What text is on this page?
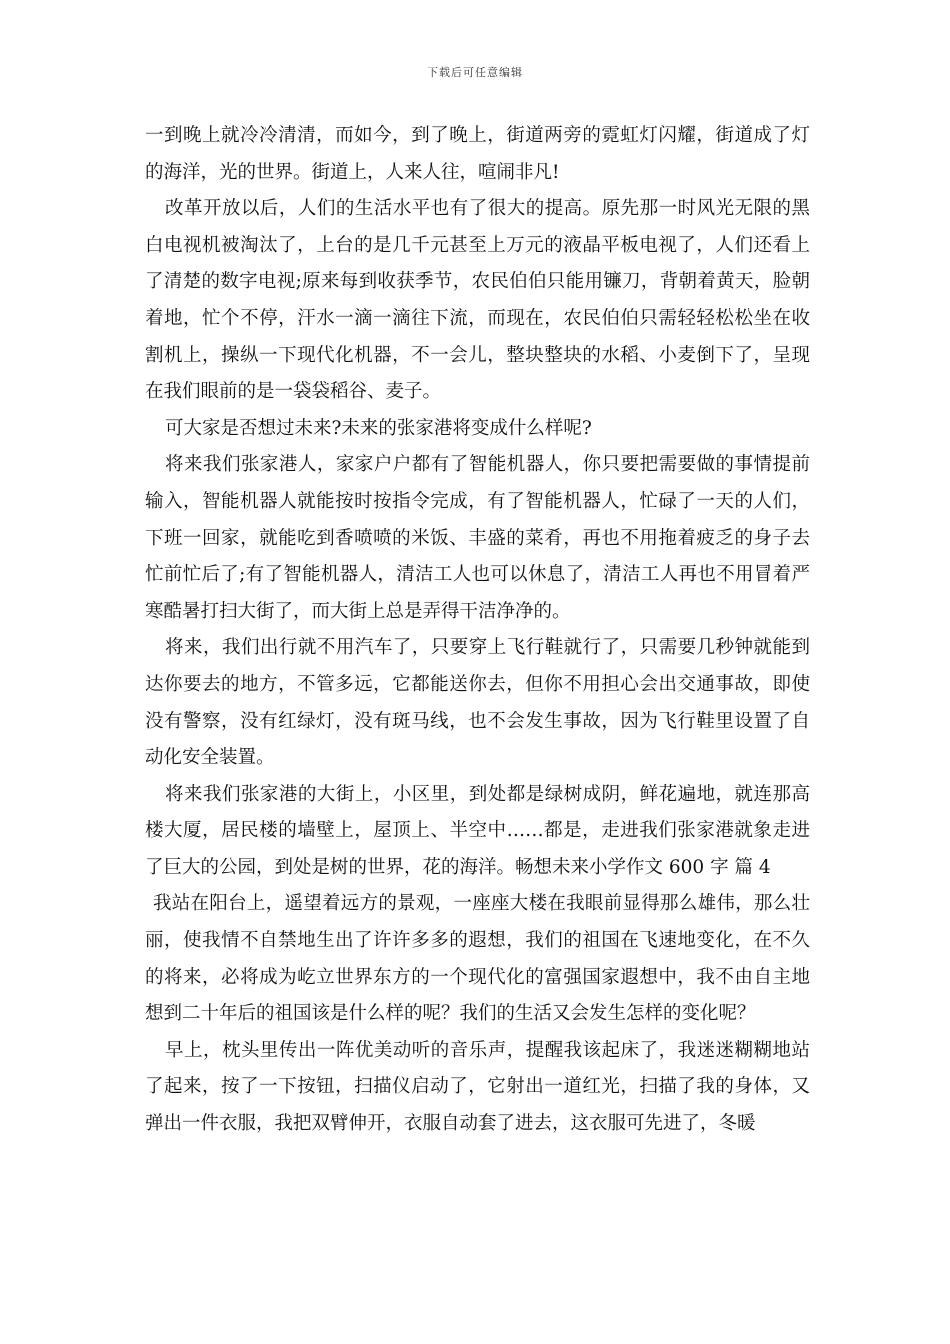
下载后可任意编辑

一到晚上就冷冷清清，而如今，到了晚上，街道两旁的霓虹灯闪耀，街道成了灯的海洋，光的世界。街道上，人来人往，喧闹非凡!

改革开放以后，人们的生活水平也有了很大的提高。原先那一时风光无限的黑白电视机被淘汰了，上台的是几千元甚至上万元的液晶平板电视了，人们还看上了清楚的数字电视;原来每到收获季节，农民伯伯只能用镰刀，背朝着黄天，脸朝着地，忙个不停，汗水一滴一滴往下流，而现在，农民伯伯只需轻轻松松坐在收割机上，操纵一下现代化机器，不一会儿，整块整块的水稻、小麦倒下了，呈现在我们眼前的是一袋袋稻谷、麦子。

可大家是否想过未来?未来的张家港将变成什么样呢?

将来我们张家港人，家家户户都有了智能机器人，你只要把需要做的事情提前输入，智能机器人就能按时按指令完成，有了智能机器人，忙碌了一天的人们，下班一回家，就能吃到香喷喷的米饭、丰盛的菜肴，再也不用拖着疲乏的身子去忙前忙后了;有了智能机器人，清洁工人也可以休息了，清洁工人再也不用冒着严寒酷暑打扫大街了，而大街上总是弄得干洁净净的。

将来，我们出行就不用汽车了，只要穿上飞行鞋就行了，只需要几秒钟就能到达你要去的地方，不管多远，它都能送你去，但你不用担心会出交通事故，即使没有警察，没有红绿灯，没有斑马线，也不会发生事故，因为飞行鞋里设置了自动化安全装置。

将来我们张家港的大街上，小区里，到处都是绿树成阴，鲜花遍地，就连那高楼大厦，居民楼的墙壁上，屋顶上、半空中……都是，走进我们张家港就象走进了巨大的公园，到处是树的世界，花的海洋。畅想未来小学作文 600 字 篇 4

我站在阳台上，遥望着远方的景观，一座座大楼在我眼前显得那么雄伟，那么壮丽，使我情不自禁地生出了许许多多的遐想，我们的祖国在飞速地变化，在不久的将来，必将成为屹立世界东方的一个现代化的富强国家遐想中，我不由自主地想到二十年后的祖国该是什么样的呢？我们的生活又会发生怎样的变化呢？

早上，枕头里传出一阵优美动听的音乐声，提醒我该起床了，我迷迷糊糊地站了起来，按了一下按钮，扫描仪启动了，它射出一道红光，扫描了我的身体，又弹出一件衣服，我把双臂伸开，衣服自动套了进去，这衣服可先进了，冬暖
